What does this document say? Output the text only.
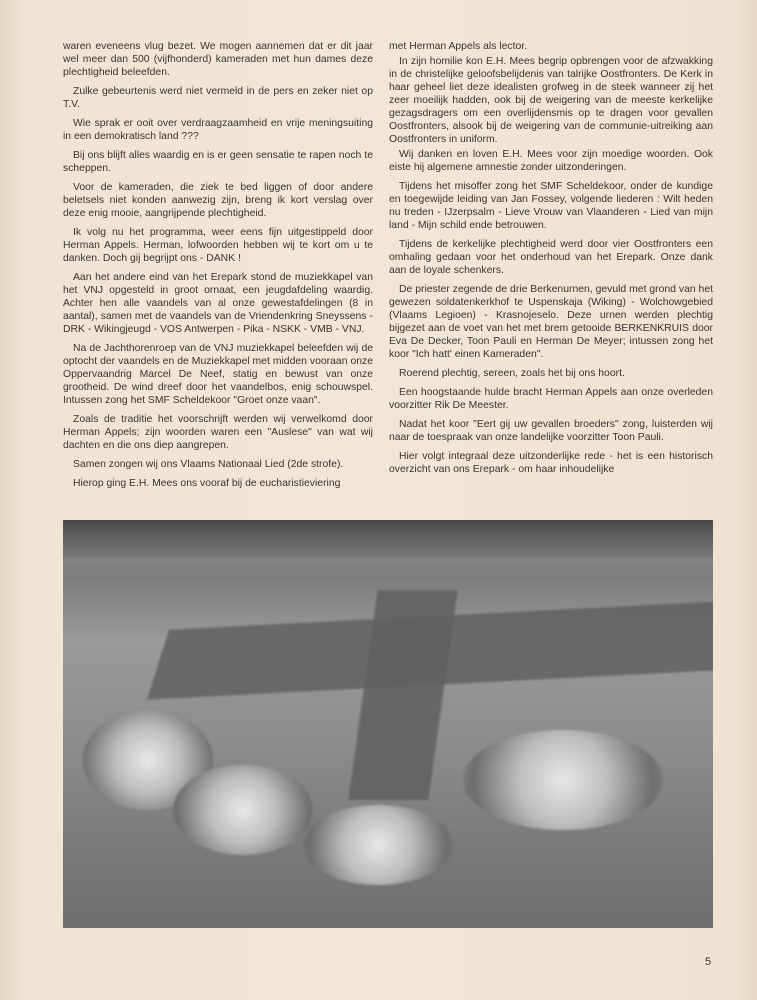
waren eveneens vlug bezet. We mogen aannemen dat er dit jaar wel meer dan 500 (vijfhonderd) kameraden met hun dames deze plechtigheid beleefden.

Zulke gebeurtenis werd niet vermeld in de pers en zeker niet op T.V.

Wie sprak er ooit over verdraagzaamheid en vrije meningsuiting in een demokratisch land ???

Bij ons blijft alles waardig en is er geen sensatie te rapen noch te scheppen.

Voor de kameraden, die ziek te bed liggen of door andere beletsels niet konden aanwezig zijn, breng ik kort verslag over deze enig mooie, aangrijpende plechtigheid.

Ik volg nu het programma, weer eens fijn uitgestippeld door Herman Appels. Herman, lofwoorden hebben wij te kort om u te danken. Doch gij begrijpt ons - DANK !

Aan het andere eind van het Erepark stond de muziekkapel van het VNJ opgesteld in groot ornaat, een jeugdafdeling waardig. Achter hen alle vaandels van al onze gewestafdelingen (8 in aantal), samen met de vaandels van de Vriendenkring Sneyssens - DRK - Wikingjeugd - VOS Antwerpen - Pika - NSKK - VMB - VNJ.

Na de Jachthorenroep van de VNJ muziekkapel beleefden wij de optocht der vaandels en de Muziekkapel met midden vooraan onze Oppervaandrig Marcel De Neef, statig en bewust van onze grootheid. De wind dreef door het vaandelbos, enig schouwspel. Intussen zong het SMF Scheldekoor "Groet onze vaan".

Zoals de traditie het voorschrijft werden wij verwelkomd door Herman Appels; zijn woorden waren een "Auslese" van wat wij dachten en die ons diep aangrepen.

Samen zongen wij ons Vlaams Nationaal Lied (2de strofe).

Hierop ging E.H. Mees ons vooraf bij de eucharistieviering

met Herman Appels als lector.

In zijn homilie kon E.H. Mees begrip opbrengen voor de afzwakking in de christelijke geloofsbelijdenis van talrijke Oostfronters. De Kerk in haar geheel liet deze idealisten grofweg in de steek wanneer zij het zeer moeilijk hadden, ook bij de weigering van de meeste kerkelijke gezagsdragers om een overlijdensmis op te dragen voor gevallen Oostfronters, alsook bij de weigering van de communie-uitreiking aan Oostfronters in uniform.

Wij danken en loven E.H. Mees voor zijn moedige woorden. Ook eiste hij algemene amnestie zonder uitzonderingen.

Tijdens het misoffer zong het SMF Scheldekoor, onder de kundige en toegewijde leiding van Jan Fossey, volgende liederen : Wilt heden nu treden - IJzerpsalm - Lieve Vrouw van Vlaanderen - Lied van mijn land - Mijn schild ende betrouwen.

Tijdens de kerkelijke plechtigheid werd door vier Oostfronters een omhaling gedaan voor het onderhoud van het Erepark. Onze dank aan de loyale schenkers.

De priester zegende de drie Berkenurnen, gevuld met grond van het gewezen soldatenkerkhof te Uspenskaja (Wiking) - Wolchowgebied (Vlaams Legioen) - Krasnojeselo. Deze urnen werden plechtig bijgezet aan de voet van het met brem getooide BERKENKRUIS door Eva De Decker, Toon Pauli en Herman De Meyer; intussen zong het koor "Ich hatt' einen Kameraden".

Roerend plechtig, sereen, zoals het bij ons hoort.

Een hoogstaande hulde bracht Herman Appels aan onze overleden voorzitter Rik De Meester.

Nadat het koor "Eert gij uw gevallen broeders" zong, luisterden wij naar de toespraak van onze landelijke voorzitter Toon Pauli.

Hier volgt integraal deze uitzonderlijke rede - het is een historisch overzicht van ons Erepark - om haar inhoudelijke

5
